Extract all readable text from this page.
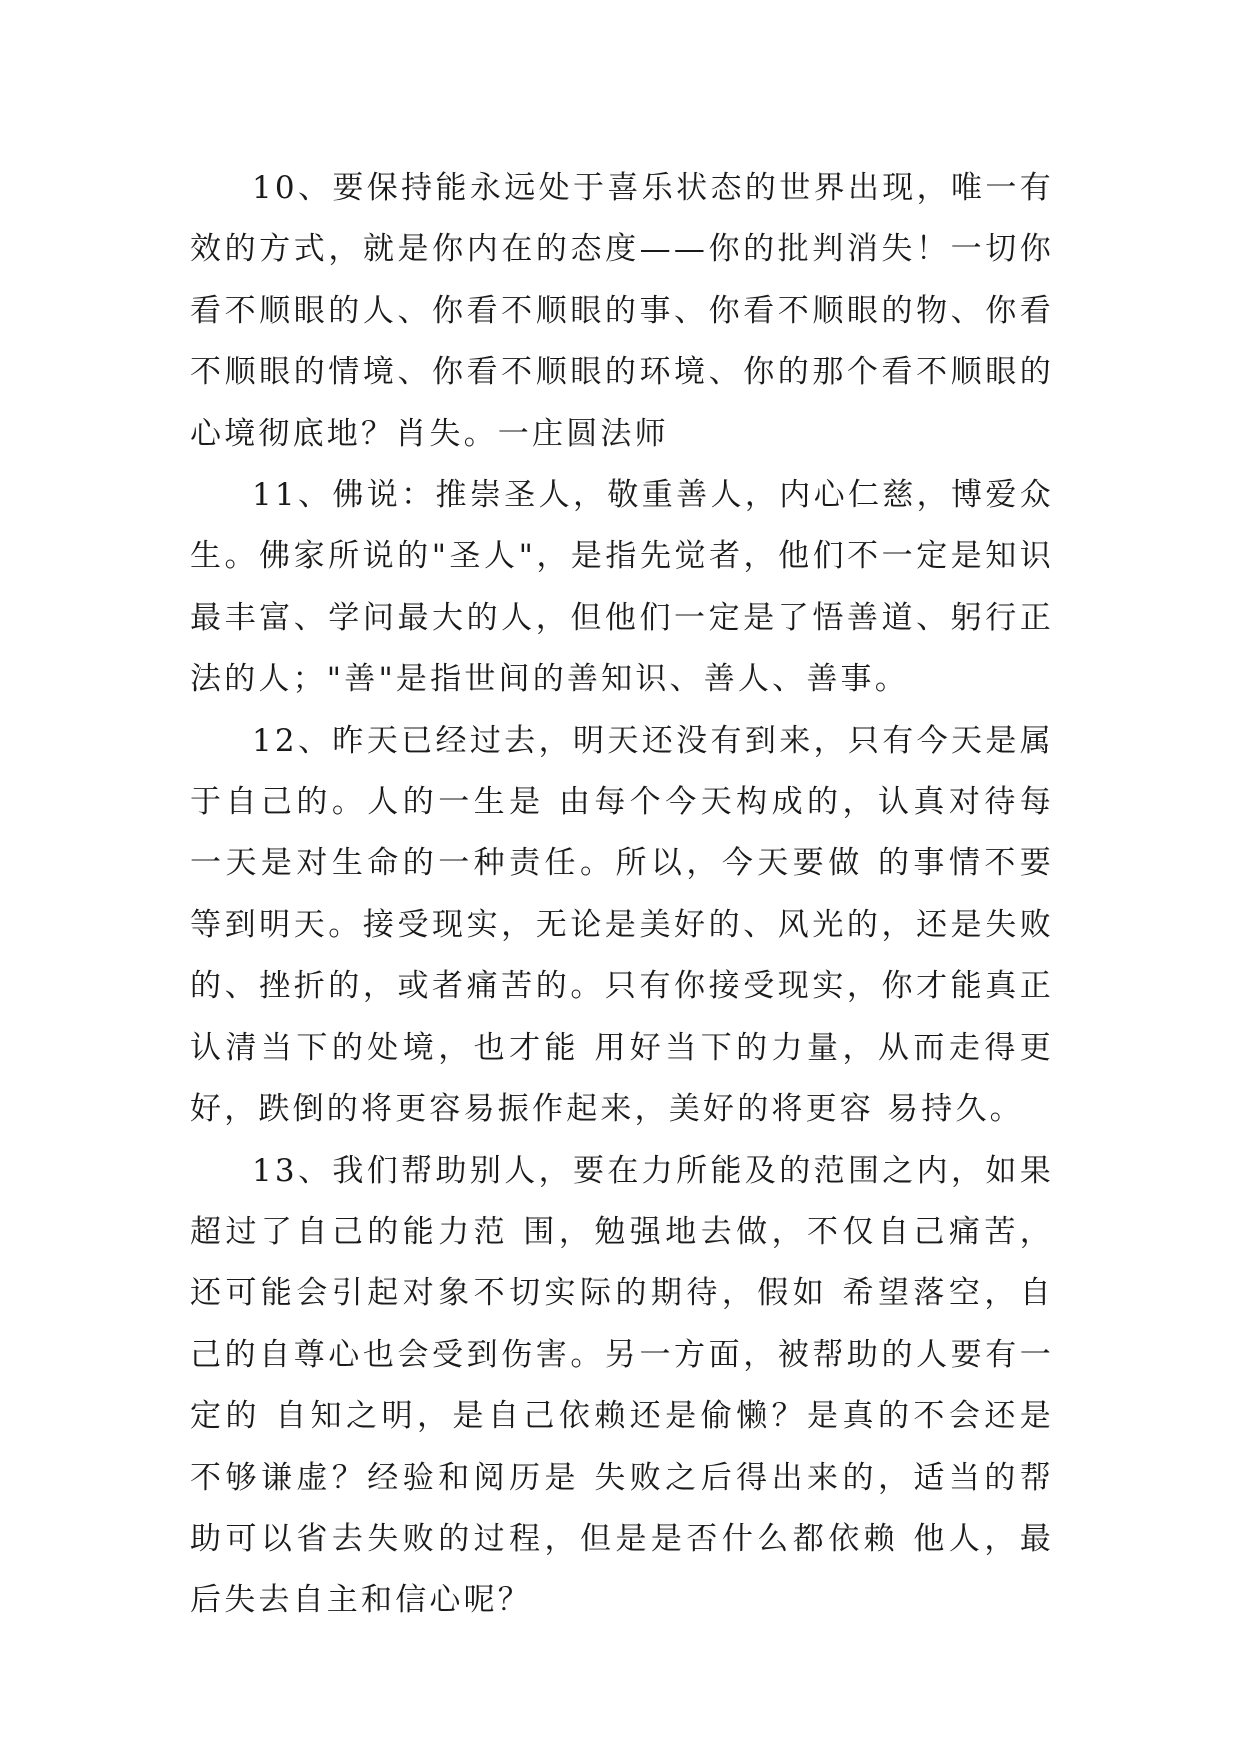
10、要保持能永远处于喜乐状态的世界出现，唯一有效的方式，就是你内在的态度——你的批判消失！一切你看不顺眼的人、你看不顺眼的事、你看不顺眼的物、你看不顺眼的情境、你看不顺眼的环境、你的那个看不顺眼的心境彻底地？肖失。一庄圆法师

11、佛说：推崇圣人，敬重善人，内心仁慈，博爱众生。佛家所说的"圣人"，是指先觉者，他们不一定是知识最丰富、学问最大的人，但他们一定是了悟善道、躬行正法的人；"善"是指世间的善知识、善人、善事。

12、昨天已经过去，明天还没有到来，只有今天是属于自己的。人的一生是 由每个今天构成的，认真对待每一天是对生命的一种责任。所以，今天要做 的事情不要等到明天。接受现实，无论是美好的、风光的，还是失败的、挫折的，或者痛苦的。只有你接受现实，你才能真正认清当下的处境，也才能 用好当下的力量，从而走得更好，跌倒的将更容易振作起来，美好的将更容 易持久。

13、我们帮助别人，要在力所能及的范围之内，如果超过了自己的能力范 围，勉强地去做，不仅自己痛苦，还可能会引起对象不切实际的期待，假如 希望落空，自己的自尊心也会受到伤害。另一方面，被帮助的人要有一定的 自知之明，是自己依赖还是偷懒？是真的不会还是不够谦虚？经验和阅历是 失败之后得出来的，适当的帮助可以省去失败的过程，但是是否什么都依赖 他人，最后失去自主和信心呢？
